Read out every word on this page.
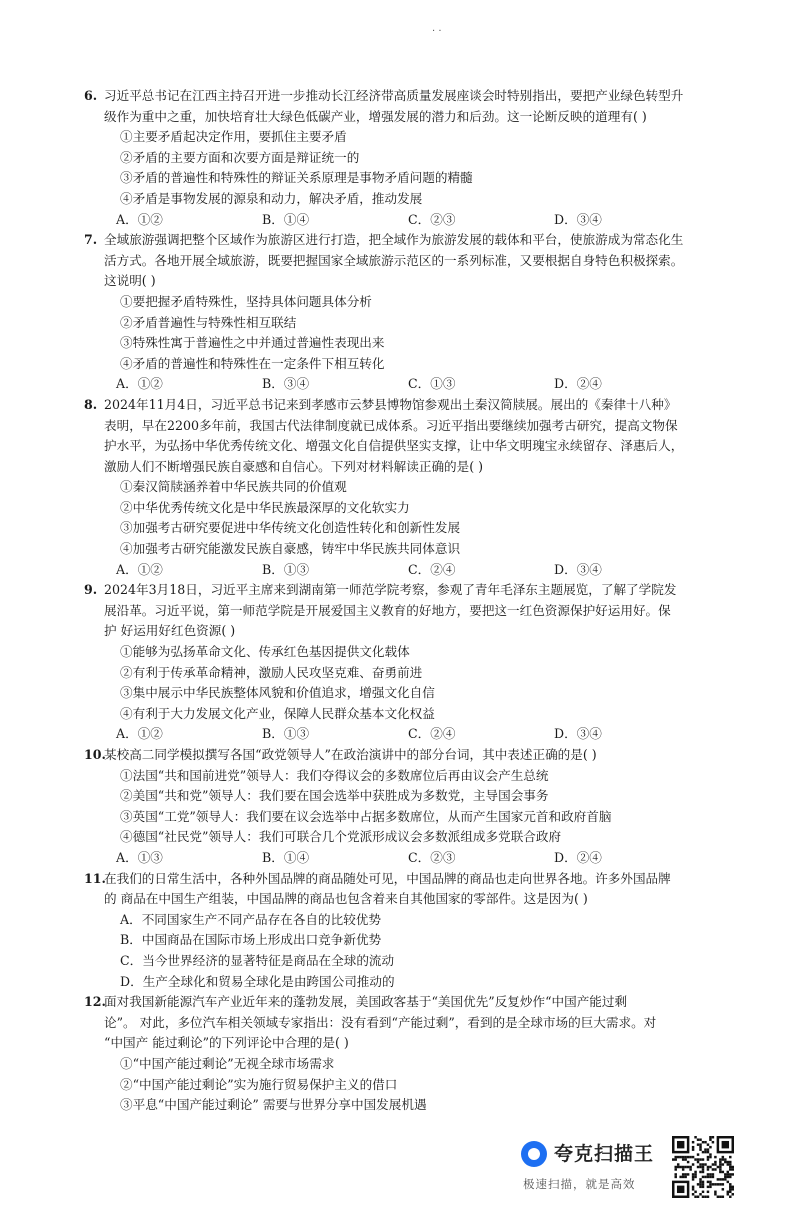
· ·
6. 习近平总书记在江西主持召开进一步推动长江经济带高质量发展座谈会时特别指出，要把产业绿色转型升
级作为重中之重，加快培育壮大绿色低碳产业，增强发展的潜力和后劲。这一论断反映的道理有( )
①主要矛盾起决定作用，要抓住主要矛盾
②矛盾的主要方面和次要方面是辩证统一的
③矛盾的普遍性和特殊性的辩证关系原理是事物矛盾问题的精髓
④矛盾是事物发展的源泉和动力，解决矛盾，推动发展
A．①②	B．①④	C．②③	D．③④
7. 全域旅游强调把整个区域作为旅游区进行打造，把全域作为旅游发展的载体和平台，使旅游成为常态化生
活方式。各地开展全域旅游，既要把握国家全域旅游示范区的一系列标准，又要根据自身特色积极探索。
这说明( )
①要把握矛盾特殊性，坚持具体问题具体分析
②矛盾普遍性与特殊性相互联结
③特殊性寓于普遍性之中并通过普遍性表现出来
④矛盾的普遍性和特殊性在一定条件下相互转化
A．①②	B．③④	C．①③	D．②④
8. 2024年11月4日，习近平总书记来到孝感市云梦县博物馆参观出土秦汉简牍展。展出的《秦律十八种》
表明，早在2200多年前，我国古代法律制度就已成体系。习近平指出要继续加强考古研究，提高文物保
护水平，为弘扬中华优秀传统文化、增强文化自信提供坚实支撑，让中华文明瑰宝永续留存、泽惠后人，
激励人们不断增强民族自豪感和自信心。下列对材料解读正确的是( )
①秦汉简牍涵养着中华民族共同的价值观
②中华优秀传统文化是中华民族最深厚的文化软实力
③加强考古研究要促进中华传统文化创造性转化和创新性发展
④加强考古研究能激发民族自豪感，铸牢中华民族共同体意识
A．①②	B．①③	C．②④	D．③④
9. 2024年3月18日，习近平主席来到湖南第一师范学院考察，参观了青年毛泽东主题展览，了解了学院发
展沿革。习近平说，第一师范学院是开展爱国主义教育的好地方，要把这一红色资源保护好运用好。保
护 好运用好红色资源( )
①能够为弘扬革命文化、传承红色基因提供文化载体
②有利于传承革命精神，激励人民攻坚克难、奋勇前进
③集中展示中华民族整体风貌和价值追求，增强文化自信
④有利于大力发展文化产业，保障人民群众基本文化权益
A．①②	B．①③	C．②④	D．③④
10.某校高二同学模拟撰写各国“政党领导人”在政治演讲中的部分台词，其中表述正确的是( )
①法国“共和国前进党”领导人：我们夺得议会的多数席位后再由议会产生总统
②美国“共和党”领导人：我们要在国会选举中获胜成为多数党，主导国会事务
③英国“工党”领导人：我们要在议会选举中占据多数席位，从而产生国家元首和政府首脑
④德国“社民党”领导人：我们可联合几个党派形成议会多数派组成多党联合政府
A．①③	B．①④	C．②③	D．②④
11.在我们的日常生活中，各种外国品牌的商品随处可见，中国品牌的商品也走向世界各地。许多外国品牌
的 商品在中国生产组装，中国品牌的商品也包含着来自其他国家的零部件。这是因为( )
A．不同国家生产不同产品存在各自的比较优势
B．中国商品在国际市场上形成出口竞争新优势
C．当今世界经济的显著特征是商品在全球的流动
D．生产全球化和贸易全球化是由跨国公司推动的
12.面对我国新能源汽车产业近年来的蓬勃发展，美国政客基于“美国优先”反复炒作“中国产能过剩
论”。 对此，多位汽车相关领域专家指出：没有看到“产能过剩”，看到的是全球市场的巨大需求。对
“中国产 能过剩论”的下列评论中合理的是( )
①“中国产能过剩论”无视全球市场需求
②“中国产能过剩论”实为施行贸易保护主义的借口
③平息“中国产能过剩论” 需要与世界分享中国发展机遇
夸克扫描王
极速扫描，就是高效
